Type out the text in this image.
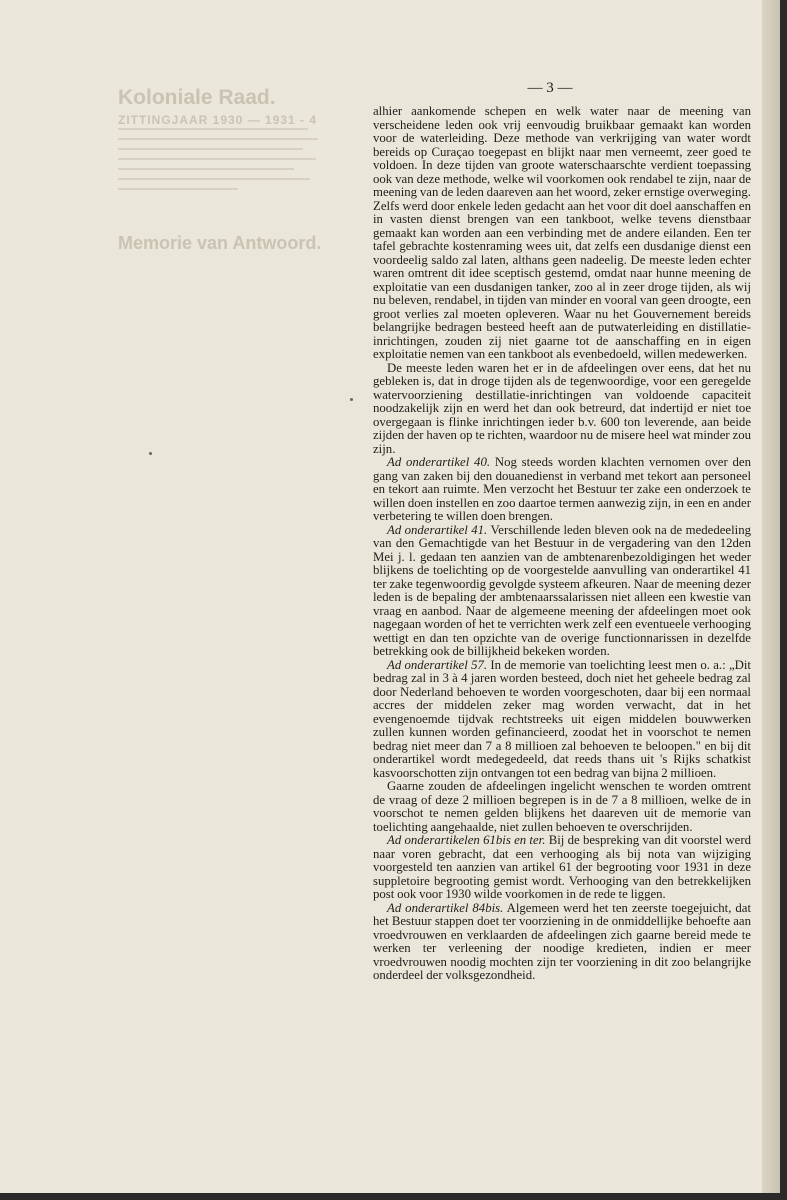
Koloniale Raad.
ZITTINGJAAR 1930 — 1931 - 4
Memorie van Antwoord.
— 3 —

alhier aankomende schepen en welk water naar de meening van verscheidene leden ook vrij eenvoudig bruikbaar gemaakt kan worden voor de waterleiding. Deze methode van verkrijging van water wordt bereids op Curaçao toegepast en blijkt naar men verneemt, zeer goed te voldoen. In deze tijden van groote waterschaarschte verdient toepassing ook van deze methode, welke wil voorkomen ook rendabel te zijn, naar de meening van de leden daareven aan het woord, zeker ernstige overweging. Zelfs werd door enkele leden gedacht aan het voor dit doel aanschaffen en in vasten dienst brengen van een tankboot, welke tevens dienstbaar gemaakt kan worden aan een verbinding met de andere eilanden. Een ter tafel gebrachte kostenraming wees uit, dat zelfs een dusdanige dienst een voordeelig saldo zal laten, althans geen nadeelig. De meeste leden echter waren omtrent dit idee sceptisch gestemd, omdat naar hunne meening de exploitatie van een dusdanigen tanker, zoo al in zeer droge tijden, als wij nu beleven, rendabel, in tijden van minder en vooral van geen droogte, een groot verlies zal moeten opleveren. Waar nu het Gouvernement bereids belangrijke bedragen besteed heeft aan de putwaterleiding en distillatie-inrichtingen, zouden zij niet gaarne tot de aanschaffing en in eigen exploitatie nemen van een tankboot als evenbedoeld, willen medewerken.

De meeste leden waren het er in de afdeelingen over eens, dat het nu gebleken is, dat in droge tijden als de tegenwoordige, voor een geregelde watervoorziening destillatie-inrichtingen van voldoende capaciteit noodzakelijk zijn en werd het dan ook betreurd, dat indertijd er niet toe overgegaan is flinke inrichtingen ieder b.v. 600 ton leverende, aan beide zijden der haven op te richten, waardoor nu de misere heel wat minder zou zijn.

Ad onderartikel 40. Nog steeds worden klachten vernomen over den gang van zaken bij den douanedienst in verband met tekort aan personeel en tekort aan ruimte. Men verzocht het Bestuur ter zake een onderzoek te willen doen instellen en zoo daartoe termen aanwezig zijn, in een en ander verbetering te willen doen brengen.

Ad onderartikel 41. Verschillende leden bleven ook na de mededeeling van den Gemachtigde van het Bestuur in de vergadering van den 12den Mei j. l. gedaan ten aanzien van de ambtenarenbezoldigingen het weder blijkens de toelichting op de voorgestelde aanvulling van onderartikel 41 ter zake tegenwoordig gevolgde systeem afkeuren. Naar de meening dezer leden is de bepaling der ambtenaarssalarissen niet alleen een kwestie van vraag en aanbod. Naar de algemeene meening der afdeelingen moet ook nagegaan worden of het te verrichten werk zelf een eventueele verhooging wettigt en dan ten opzichte van de overige functionnarissen in dezelfde betrekking ook de billijkheid bekeken worden.

Ad onderartikel 57. In de memorie van toelichting leest men o. a.: „Dit bedrag zal in 3 à 4 jaren worden besteed, doch niet het geheele bedrag zal door Nederland behoeven te worden voorgeschoten, daar bij een normaal accres der middelen zeker mag worden verwacht, dat in het evengenoemde tijdvak rechtstreeks uit eigen middelen bouwwerken zullen kunnen worden gefinancieerd, zoodat het in voorschot te nemen bedrag niet meer dan 7 a 8 millioen zal behoeven te beloopen." en bij dit onderartikel wordt medegedeeld, dat reeds thans uit 's Rijks schatkist kasvoorschotten zijn ontvangen tot een bedrag van bijna 2 millioen.

Gaarne zouden de afdeelingen ingelicht wenschen te worden omtrent de vraag of deze 2 millioen begrepen is in de 7 a 8 millioen, welke de in voorschot te nemen gelden blijkens het daareven uit de memorie van toelichting aangehaalde, niet zullen behoeven te overschrijden.

Ad onderartikelen 61bis en ter. Bij de bespreking van dit voorstel werd naar voren gebracht, dat een verhooging als bij nota van wijziging voorgesteld ten aanzien van artikel 61 der begrooting voor 1931 in deze suppletoire begrooting gemist wordt. Verhooging van den betrekkelijken post ook voor 1930 wilde voorkomen in de rede te liggen.

Ad onderartikel 84bis. Algemeen werd het ten zeerste toegejuicht, dat het Bestuur stappen doet ter voorziening in de onmiddellijke behoefte aan vroedvrouwen en verklaarden de afdeelingen zich gaarne bereid mede te werken ter verleening der noodige kredieten, indien er meer vroedvrouwen noodig mochten zijn ter voorziening in dit zoo belangrijke onderdeel der volksgezondheid.
